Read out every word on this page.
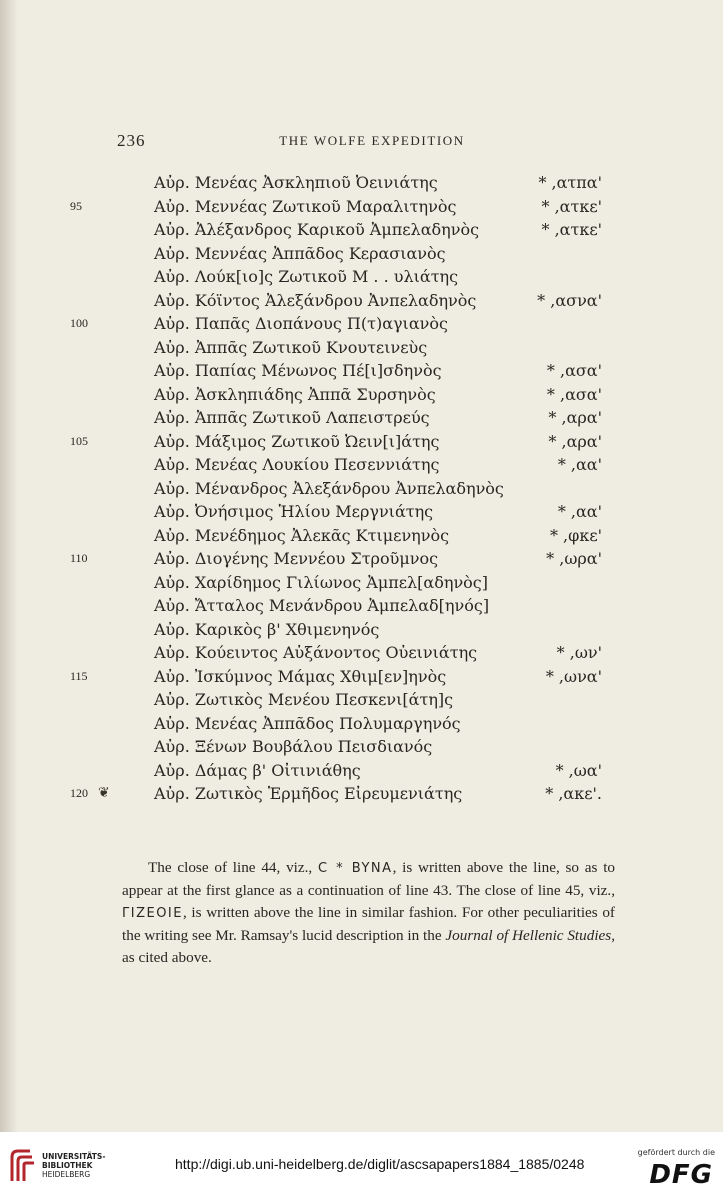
236	THE WOLFE EXPEDITION
Αὐρ. Μενέας Ἀσκληπιοῦ Ὀεινιάτης	* ,ατπα'
95	Αὐρ. Μεννέας Ζωτικοῦ Μαραλιτηνὸς	* ,ατκε'
Αὐρ. Ἀλέξανδρος Καρικοῦ Ἀμπελαδηνὸς	* ,ατκε'
Αὐρ. Μεννέας Ἀππᾶδος Κερασιανὸς
Αὐρ. Λούκ[ιο]ς Ζωτικοῦ Μ . . υλιάτης
Αὐρ. Κόϊντος Ἀλεξάνδρου Ἀνπελαδηνὸς	* ,ασνα'
100	Αὐρ. Παπᾶς Διοπάνους Π(τ)αγιανὸς
Αὐρ. Ἀππᾶς Ζωτικοῦ Κνουτεινεὺς
Αὐρ. Παπίας Μένωνος Πέ[ι]σδηνὸς	* ,ασα'
Αὐρ. Ἀσκληπιάδης Ἀππᾶ Συρσηνὸς	* ,ασα'
Αὐρ. Ἀππᾶς Ζωτικοῦ Λαπειστρεύς	* ,αρα'
105	Αὐρ. Μάξιμος Ζωτικοῦ Ὠειν[ι]άτης	* ,αρα'
Αὐρ. Μενέας Λουκίου Πεσεννιάτης	* ,αα'
Αὐρ. Μένανδρος Ἀλεξάνδρου Ἀνπελαδηνὸς
Αὐρ. Ὀνήσιμος Ἡλίου Μεργνιάτης	* ,αα'
Αὐρ. Μενέδημος Ἀλεκᾶς Κτιμενηνὸς	* ,φκε'
110	Αὐρ. Διογένης Μεννέου Στροῦμνος	* ,ωρα'
Αὐρ. Χαρίδημος Γιλίωνος Ἀμπελ[αδηνὸς]
Αὐρ. Ἄτταλος Μενάνδρου Ἀμπελαδ[ηνός]
Αὐρ. Καρικὸς β' Χθιμενηνός
Αὐρ. Κούειντος Αὐξάνοντος Οὐεινιάτης	* ,ων'
115	Αὐρ. Ἰσκύμνος Μάμας Χθιμ[εν]ηνὸς	* ,ωνα'
Αὐρ. Ζωτικὸς Μενέου Πεσκενι[άτη]ς
Αὐρ. Μενέας Ἀππᾶδος Πολυμαργηνός
Αὐρ. Ξένων Βουβάλου Πεισδιανός
Αὐρ. Δάμας β' Οἰτινιάθης	* ,ωα'
120 ❦	Αὐρ. Ζωτικὸς Ἑρμῆδος Εἰρευμενιάτης	* ,ακε'.

The close of line 44, viz., C * BYNA, is written above the line, so as to appear at the first glance as a continuation of line 43. The close of line 45, viz., ΓΙΖΕΟΙΕ, is written above the line in similar fashion. For other peculiarities of the writing see Mr. Ramsay's lucid description in the Journal of Hellenic Studies, as cited above.

UNIVERSITÄTS-
BIBLIOTHEK
HEIDELBERG
http://digi.ub.uni-heidelberg.de/diglit/ascsapapers1884_1885/0248
gefördert durch die
DFG
